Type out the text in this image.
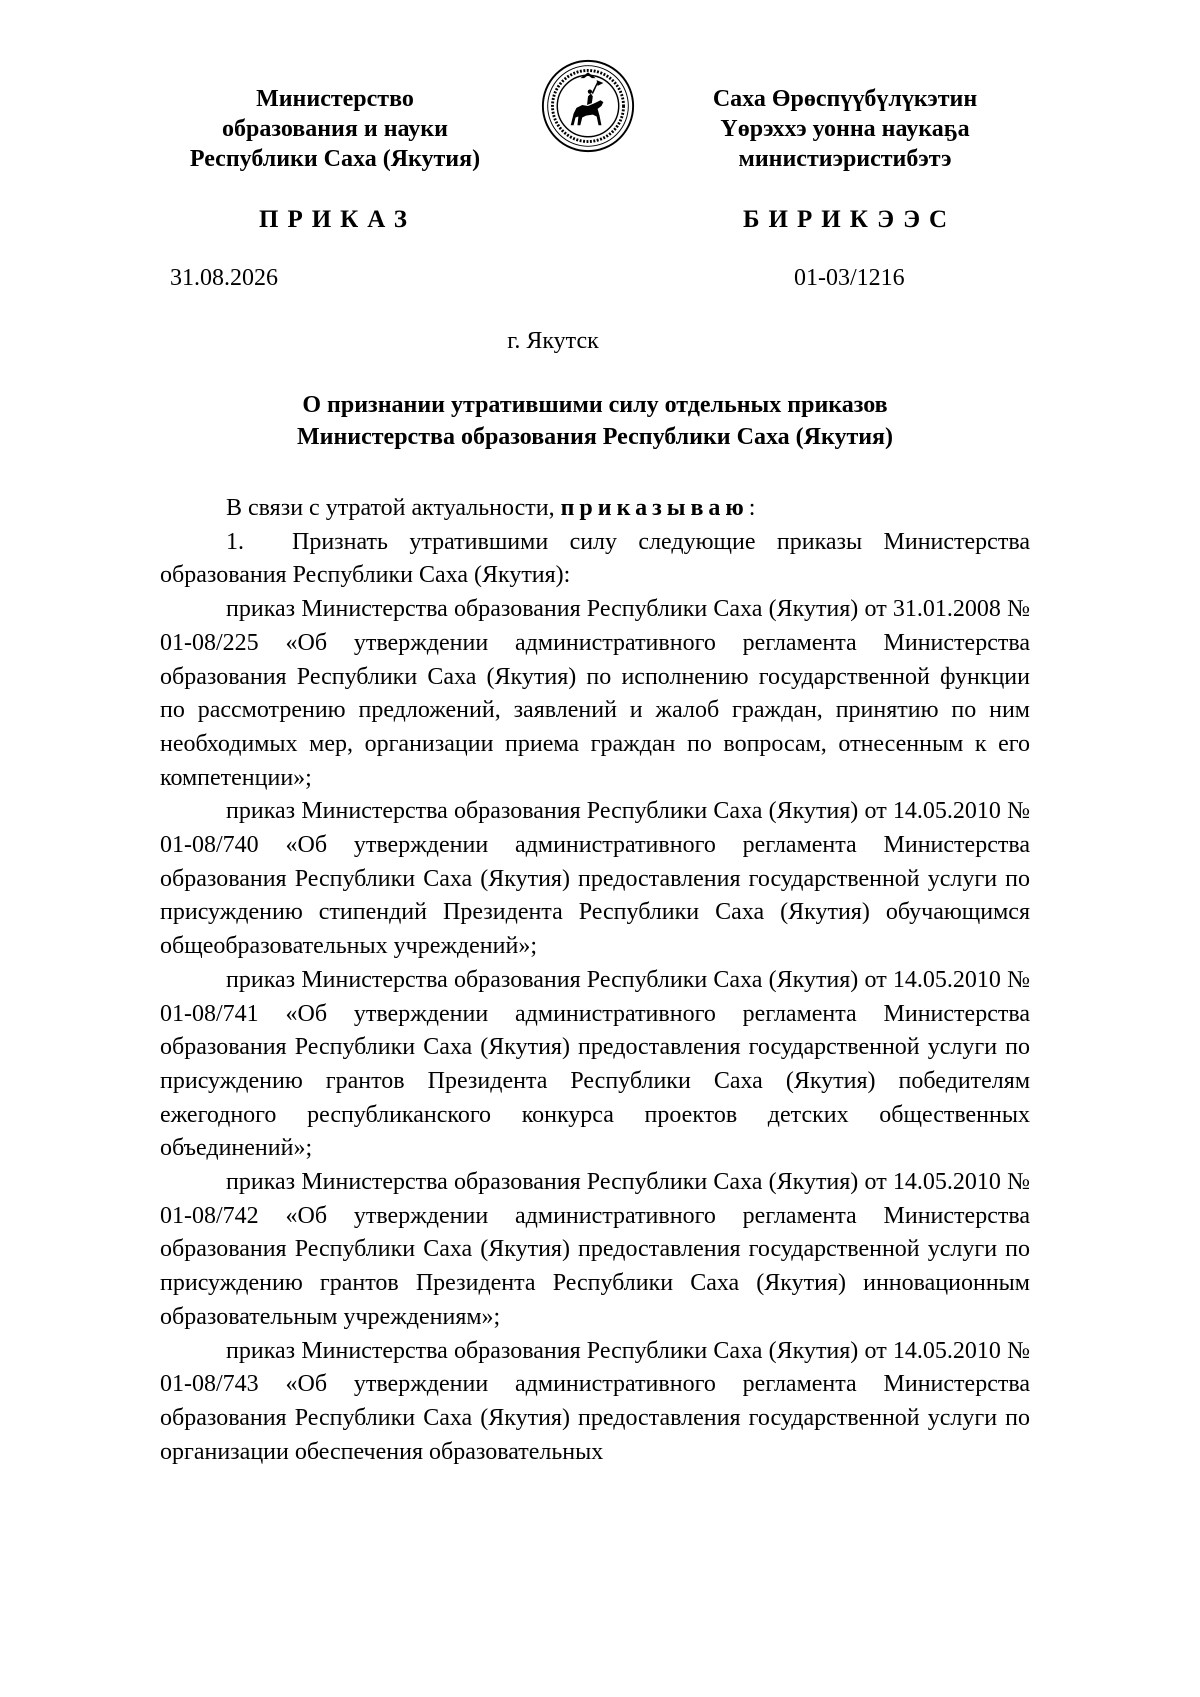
Министерство
образования и науки
Республики Саха (Якутия)
Саха Өрөспүүбүлүкэтин
Үөрэххэ уонна наукаҕа
министиэристибэтэ
ПРИКАЗ	БИРИКЭЭС
31.08.2026	01-03/1216
г. Якутск
О признании утратившими силу отдельных приказов
Министерства образования Республики Саха (Якутия)

В связи с утратой актуальности, приказываю:

1. Признать утратившими силу следующие приказы Министерства образования Республики Саха (Якутия):

приказ Министерства образования Республики Саха (Якутия) от 31.01.2008 № 01-08/225 «Об утверждении административного регламента Министерства образования Республики Саха (Якутия) по исполнению государственной функции по рассмотрению предложений, заявлений и жалоб граждан, принятию по ним необходимых мер, организации приема граждан по вопросам, отнесенным к его компетенции»;

приказ Министерства образования Республики Саха (Якутия) от 14.05.2010 № 01-08/740 «Об утверждении административного регламента Министерства образования Республики Саха (Якутия) предоставления государственной услуги по присуждению стипендий Президента Республики Саха (Якутия) обучающимся общеобразовательных учреждений»;

приказ Министерства образования Республики Саха (Якутия) от 14.05.2010 № 01-08/741 «Об утверждении административного регламента Министерства образования Республики Саха (Якутия) предоставления государственной услуги по присуждению грантов Президента Республики Саха (Якутия) победителям ежегодного республиканского конкурса проектов детских общественных объединений»;

приказ Министерства образования Республики Саха (Якутия) от 14.05.2010 № 01-08/742 «Об утверждении административного регламента Министерства образования Республики Саха (Якутия) предоставления государственной услуги по присуждению грантов Президента Республики Саха (Якутия) инновационным образовательным учреждениям»;

приказ Министерства образования Республики Саха (Якутия) от 14.05.2010 № 01-08/743 «Об утверждении административного регламента Министерства образования Республики Саха (Якутия) предоставления государственной услуги по организации обеспечения образовательных
